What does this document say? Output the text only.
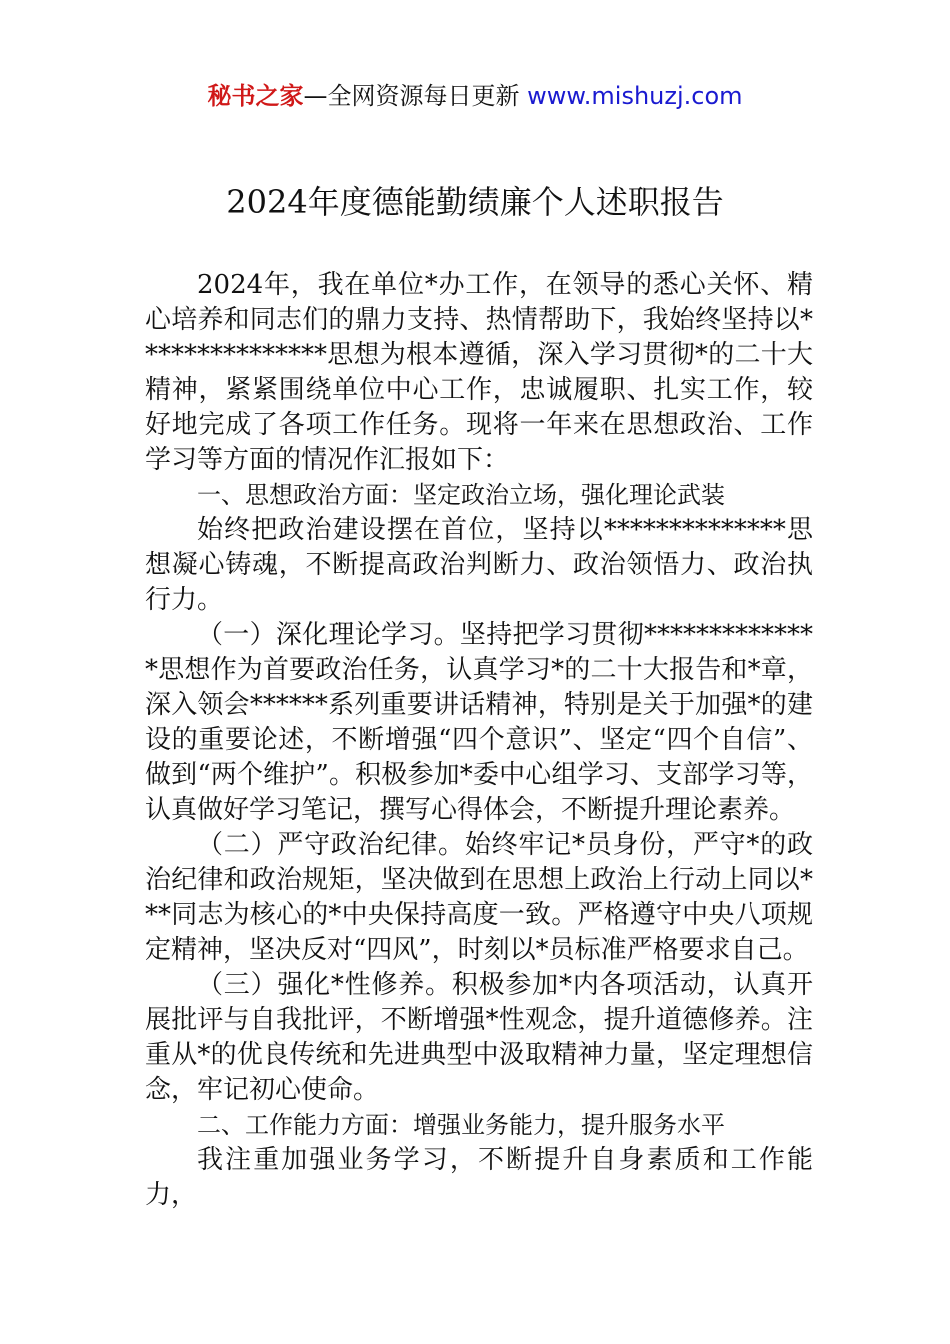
秘书之家—全网资源每日更新 www.mishuzj.com
2024年度德能勤绩廉个人述职报告

2024年，我在单位*办工作，在领导的悉心关怀、精心培养和同志们的鼎力支持、热情帮助下，我始终坚持以***************思想为根本遵循，深入学习贯彻*的二十大精神，紧紧围绕单位中心工作，忠诚履职、扎实工作，较好地完成了各项工作任务。现将一年来在思想政治、工作学习等方面的情况作汇报如下：

一、思想政治方面：坚定政治立场，强化理论武装

始终把政治建设摆在首位，坚持以**************思想凝心铸魂，不断提高政治判断力、政治领悟力、政治执行力。

（一）深化理论学习。坚持把学习贯彻**************思想作为首要政治任务，认真学习*的二十大报告和*章，深入领会******系列重要讲话精神，特别是关于加强*的建设的重要论述，不断增强“四个意识”、坚定“四个自信”、做到“两个维护”。积极参加*委中心组学习、支部学习等，认真做好学习笔记，撰写心得体会，不断提升理论素养。

（二）严守政治纪律。始终牢记*员身份，严守*的政治纪律和政治规矩，坚决做到在思想上政治上行动上同以***同志为核心的*中央保持高度一致。严格遵守中央八项规定精神，坚决反对“四风”，时刻以*员标准严格要求自己。

（三）强化*性修养。积极参加*内各项活动，认真开展批评与自我批评，不断增强*性观念，提升道德修养。注重从*的优良传统和先进典型中汲取精神力量，坚定理想信念，牢记初心使命。

二、工作能力方面：增强业务能力，提升服务水平

我注重加强业务学习，不断提升自身素质和工作能力，
